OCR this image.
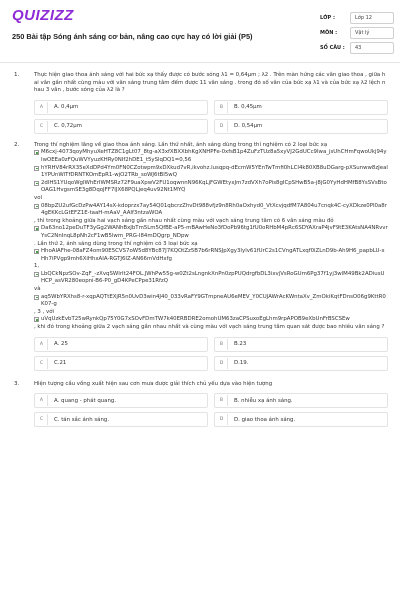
QUIZIZZ
250 Bài tập Sóng ánh sáng cơ bản, nâng cao cực hay có lời giải (P5)
LỚP :	Lớp 12
MÔN :	Vật lý
SỐ CÂU :	43
1.	Thực hiện giao thoa ánh sáng với hai bức xạ thấy được có bước sóng λ1 = 0,64μm ; λ2 . Trên màn hứng các vân giao thoa , giữa hai vân gần nhất cùng màu với vân sáng trung tâm đếm được 11 vân sáng . trong đó số vân của bức xạ λ1 và của bức xạ λ2 lệch nhau 3 vân , bước sóng của λ2 là ?
A	A. 0,4μm	B	B. 0,45μm
C	C. 0,72μm	D	D. 0,54μm
2.	Trong thí nghiệm Iâng về giao thoa ánh sáng. Lần thứ nhất, ánh sáng dùng trong thí nghiệm có 2 loại bức xạ
M6cxj-4073qoyMhyuXeHTZ8C1gLt07_8tg-aX3xfXBXXbhKgXNHPFe-0xfsB1p4ZuFzTUz8a5xyVJ2GdUCc9Iwa_jsUhCHmFqwoUkj94yIwOEEa0zFQuWVYyuzKHRy0NIf2hDE1_t5ySlqDQ1=0,56
hYRHV84rRX35eXdDPd4Ym0FN0CZotwpm9xDXkud7vR,ikvohz.lusqpq-dEcmW5YEnTwTmfi0hLCI4k80XB8uDGarg-pXSunww8zJeal1YPUnWlTfDRNTKOmEpR1-wjO2TRb_soWJ6tBI5wQ
2dlHS1YUqoWgIWhErIWMSRz72F9uaXpwV2FU1oqwnnN96KqLjFGWEtyxJm7zdVXh7oPis8gICpSHwB5a-j8jG0YyHdHMfB8YsSVsBtoOAG1HvgsmSE3g8DqoJFF7IJX68PQLjeq4uv92Nt1MYQ
vol
08bpZU2ufGcDzPw4AY14sX-kdoprzx7ay54Q01qbcrzZhvDt988vfjz9n8Rh0aOxhyd0_VtXcvjqdfM7A804u7cnqk4C-cyXDkze0PI0a8r4gEKKcLGtEFZ1E-taaH-mAaV_AAIf3ntzaWOA
, thì trong khoảng giữa hai vạch sáng gần nhau nhất cùng màu với vạch sáng trung tâm có 6 vân sáng màu đỏ
Da63no12peDuTF3yGg2WANhBxJbTm5Lm5QfBE-aP5-mBAwHeNo3fDoPb96tg1fU0oRHbM4pRc6SDYAXraP4jvF9tE3KAtsNA4NRvvrYsC2NnInqL8pNh2cF1wB5lwm_PRG-I84mDQgrp_NDpw
. Lần thứ 2, ánh sáng dùng trong thí nghiệm có 3 loại bức xạ
HhoAIAFhe-08aFZ4om90E5CVS7oW5d8YBc87J7KQOtZz5B7b6rRNSJpXgy3Iylv61fUrC2s1CVngATLxqf0iZLnD9b-Ah9H6_papbLU-xHh7iPVgp9mh6XiHhxAIA-RGTJ6IZ-AN66mVdHxfg
1,
LbQCkNpzSOv-ZqF_-zXvqSWIrIt24FOL.JWhPw55g-w0Zt2sLngnkXnPn0zpPUQdrgfbDL3ixvjVsRoGUm6Pg37f1yj3wlM49Bk2ADiusUHCP_asVR280eopni-B6-P0_gD4KPeCPpe31RfzQ
và
aq5WbYRXhs8-r-xqpAQTtEXjR5n0UvD3win4J40_033vRaFY9GTmpneAU6eMEV_Y0CUJAWrAcKWntaXv_ZmOkiKqtFDnsO06g9KttR0K07-g
, 3 , với
uVqUzkEvbT25wRynkQp75Y0G7xSOvFDmTW7k40ERBDRE2omohUM63zaCPSuxoEgLhm9rpAPOB9eXbUnFrBSCSEw
, khi đó trong khoảng giữa 2 vạch sáng gần nhau nhất và cùng màu với vạch sáng trung tâm quan sát được bao nhiêu vân sáng ?
A	A. 25	B	B.23
C	C.21	D	D.19.
3.	Hiện tượng cầu vồng xuất hiện sau cơn mưa được giải thích chủ yếu dựa vào hiện tượng
A	A. quang - phát quang.	B	B. nhiễu xạ ánh sáng.
C	C. tán sắc ánh sáng.	D	D. giao thoa ánh sáng.
